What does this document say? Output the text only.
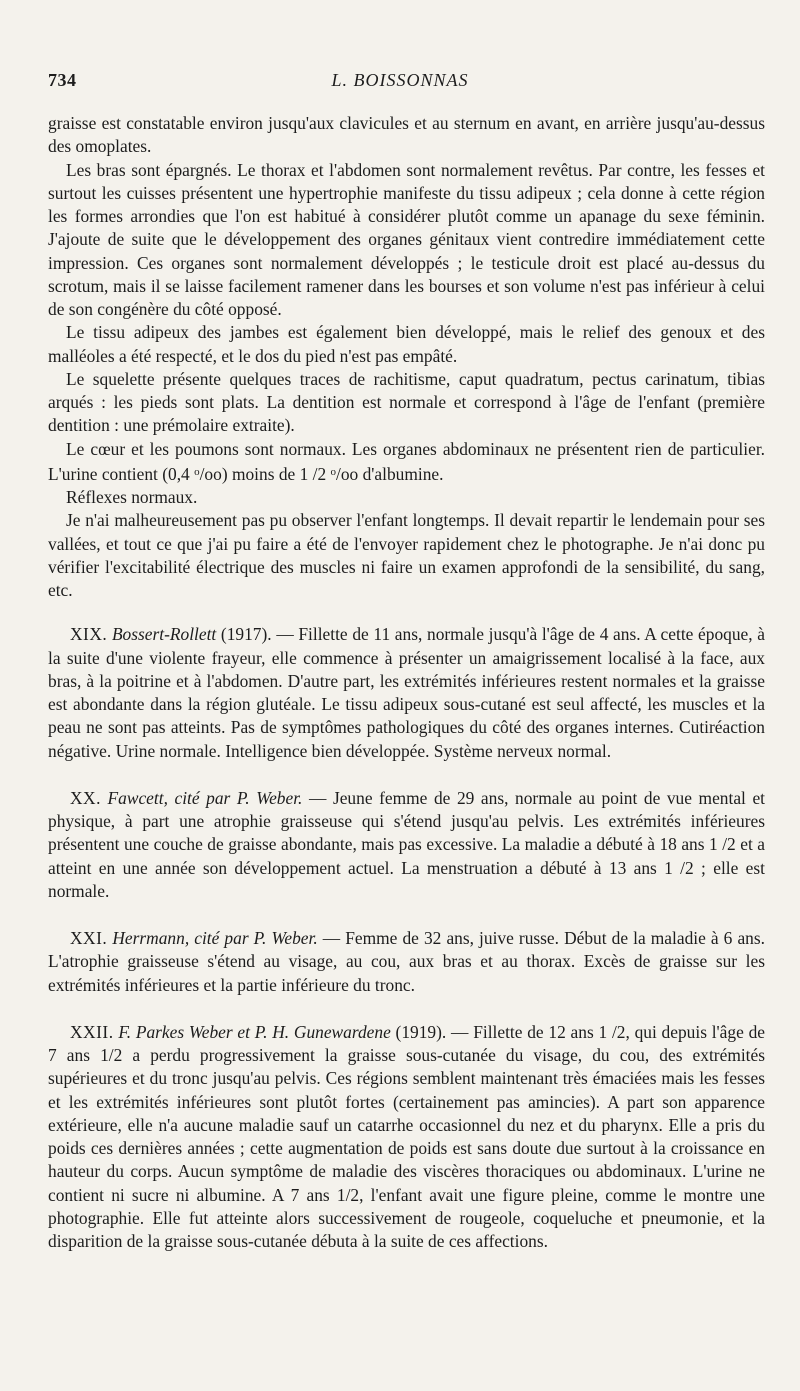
734	L. BOISSONNAS

graisse est constatable environ jusqu'aux clavicules et au sternum en avant, en arrière jusqu'au-dessus des omoplates.

Les bras sont épargnés. Le thorax et l'abdomen sont normalement revêtus. Par contre, les fesses et surtout les cuisses présentent une hypertrophie manifeste du tissu adipeux ; cela donne à cette région les formes arrondies que l'on est habitué à considérer plutôt comme un apanage du sexe féminin. J'ajoute de suite que le développement des organes génitaux vient contredire immédiatement cette impression. Ces organes sont normalement développés ; le testicule droit est placé au-dessus du scrotum, mais il se laisse facilement ramener dans les bourses et son volume n'est pas inférieur à celui de son congénère du côté opposé.

Le tissu adipeux des jambes est également bien développé, mais le relief des genoux et des malléoles a été respecté, et le dos du pied n'est pas empâté.

Le squelette présente quelques traces de rachitisme, caput quadratum, pectus carinatum, tibias arqués : les pieds sont plats. La dentition est normale et correspond à l'âge de l'enfant (première dentition : une prémolaire extraite).

Le cœur et les poumons sont normaux. Les organes abdominaux ne présentent rien de particulier. L'urine contient (0,4 $^o$/oo) moins de 1 /2 $^o$/oo d'albumine.

Réflexes normaux.

Je n'ai malheureusement pas pu observer l'enfant longtemps. Il devait repartir le lendemain pour ses vallées, et tout ce que j'ai pu faire a été de l'envoyer rapidement chez le photographe. Je n'ai donc pu vérifier l'excitabilité électrique des muscles ni faire un examen approfondi de la sensibilité, du sang, etc.

XIX. Bossert-Rollett (1917). — Fillette de 11 ans, normale jusqu'à l'âge de 4 ans. A cette époque, à la suite d'une violente frayeur, elle commence à présenter un amaigrissement localisé à la face, aux bras, à la poitrine et à l'abdomen. D'autre part, les extrémités inférieures restent normales et la graisse est abondante dans la région glutéale. Le tissu adipeux sous-cutané est seul affecté, les muscles et la peau ne sont pas atteints. Pas de symptômes pathologiques du côté des organes internes. Cutiréaction négative. Urine normale. Intelligence bien développée. Système nerveux normal.

XX. Fawcett, cité par P. Weber. — Jeune femme de 29 ans, normale au point de vue mental et physique, à part une atrophie graisseuse qui s'étend jusqu'au pelvis. Les extrémités inférieures présentent une couche de graisse abondante, mais pas excessive. La maladie a débuté à 18 ans 1 /2 et a atteint en une année son développement actuel. La menstruation a débuté à 13 ans 1 /2 ; elle est normale.

XXI. Herrmann, cité par P. Weber. — Femme de 32 ans, juive russe. Début de la maladie à 6 ans. L'atrophie graisseuse s'étend au visage, au cou, aux bras et au thorax. Excès de graisse sur les extrémités inférieures et la partie inférieure du tronc.

XXII. F. Parkes Weber et P. H. Gunewardene (1919). — Fillette de 12 ans 1 /2, qui depuis l'âge de 7 ans 1/2 a perdu progressivement la graisse sous-cutanée du visage, du cou, des extrémités supérieures et du tronc jusqu'au pelvis. Ces régions semblent maintenant très émaciées mais les fesses et les extrémités inférieures sont plutôt fortes (certainement pas amincies). A part son apparence extérieure, elle n'a aucune maladie sauf un catarrhe occasionnel du nez et du pharynx. Elle a pris du poids ces dernières années ; cette augmentation de poids est sans doute due surtout à la croissance en hauteur du corps. Aucun symptôme de maladie des viscères thoraciques ou abdominaux. L'urine ne contient ni sucre ni albumine. A 7 ans 1/2, l'enfant avait une figure pleine, comme le montre une photographie. Elle fut atteinte alors successivement de rougeole, coqueluche et pneumonie, et la disparition de la graisse sous-cutanée débuta à la suite de ces affections.
